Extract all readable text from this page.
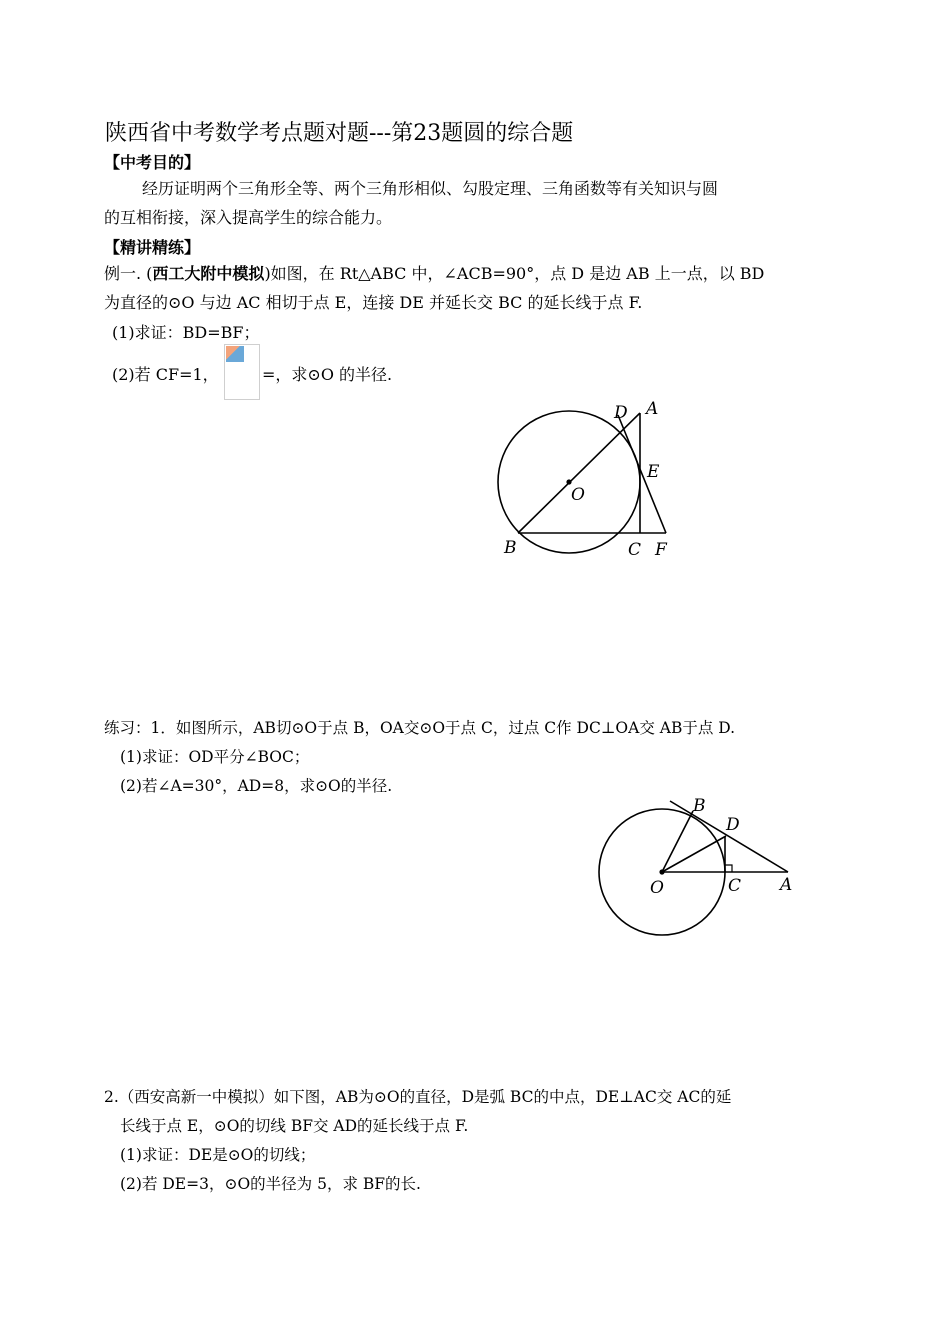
陕西省中考数学考点题对题---第23题圆的综合题
【中考目的】
经历证明两个三角形全等、两个三角形相似、勾股定理、三角函数等有关知识与圆
的互相衔接，深入提高学生的综合能力。
【精讲精练】
例一. (西工大附中模拟)如图，在 Rt△ABC 中，∠ACB=90°，点 D 是边 AB 上一点，以 BD
为直径的⊙O 与边 AC 相切于点 E，连接 DE 并延长交 BC 的延长线于点 F.
(1)求证：BD=BF；
(2)若 CF=1，	=，求⊙O 的半径.
D A
E
O
B	C F
练习：1．如图所示，AB切⊙O于点 B，OA交⊙O于点 C，过点 C作 DC⊥OA交 AB于点 D.
(1)求证：OD平分∠BOC；
(2)若∠A=30°，AD=8，求⊙O的半径.
B
D
O	C A
2.（西安高新一中模拟）如下图，AB为⊙O的直径，D是弧 BC的中点，DE⊥AC交 AC的延
长线于点 E，⊙O的切线 BF交 AD的延长线于点 F.
(1)求证：DE是⊙O的切线；
(2)若 DE=3，⊙O的半径为 5，求 BF的长.
